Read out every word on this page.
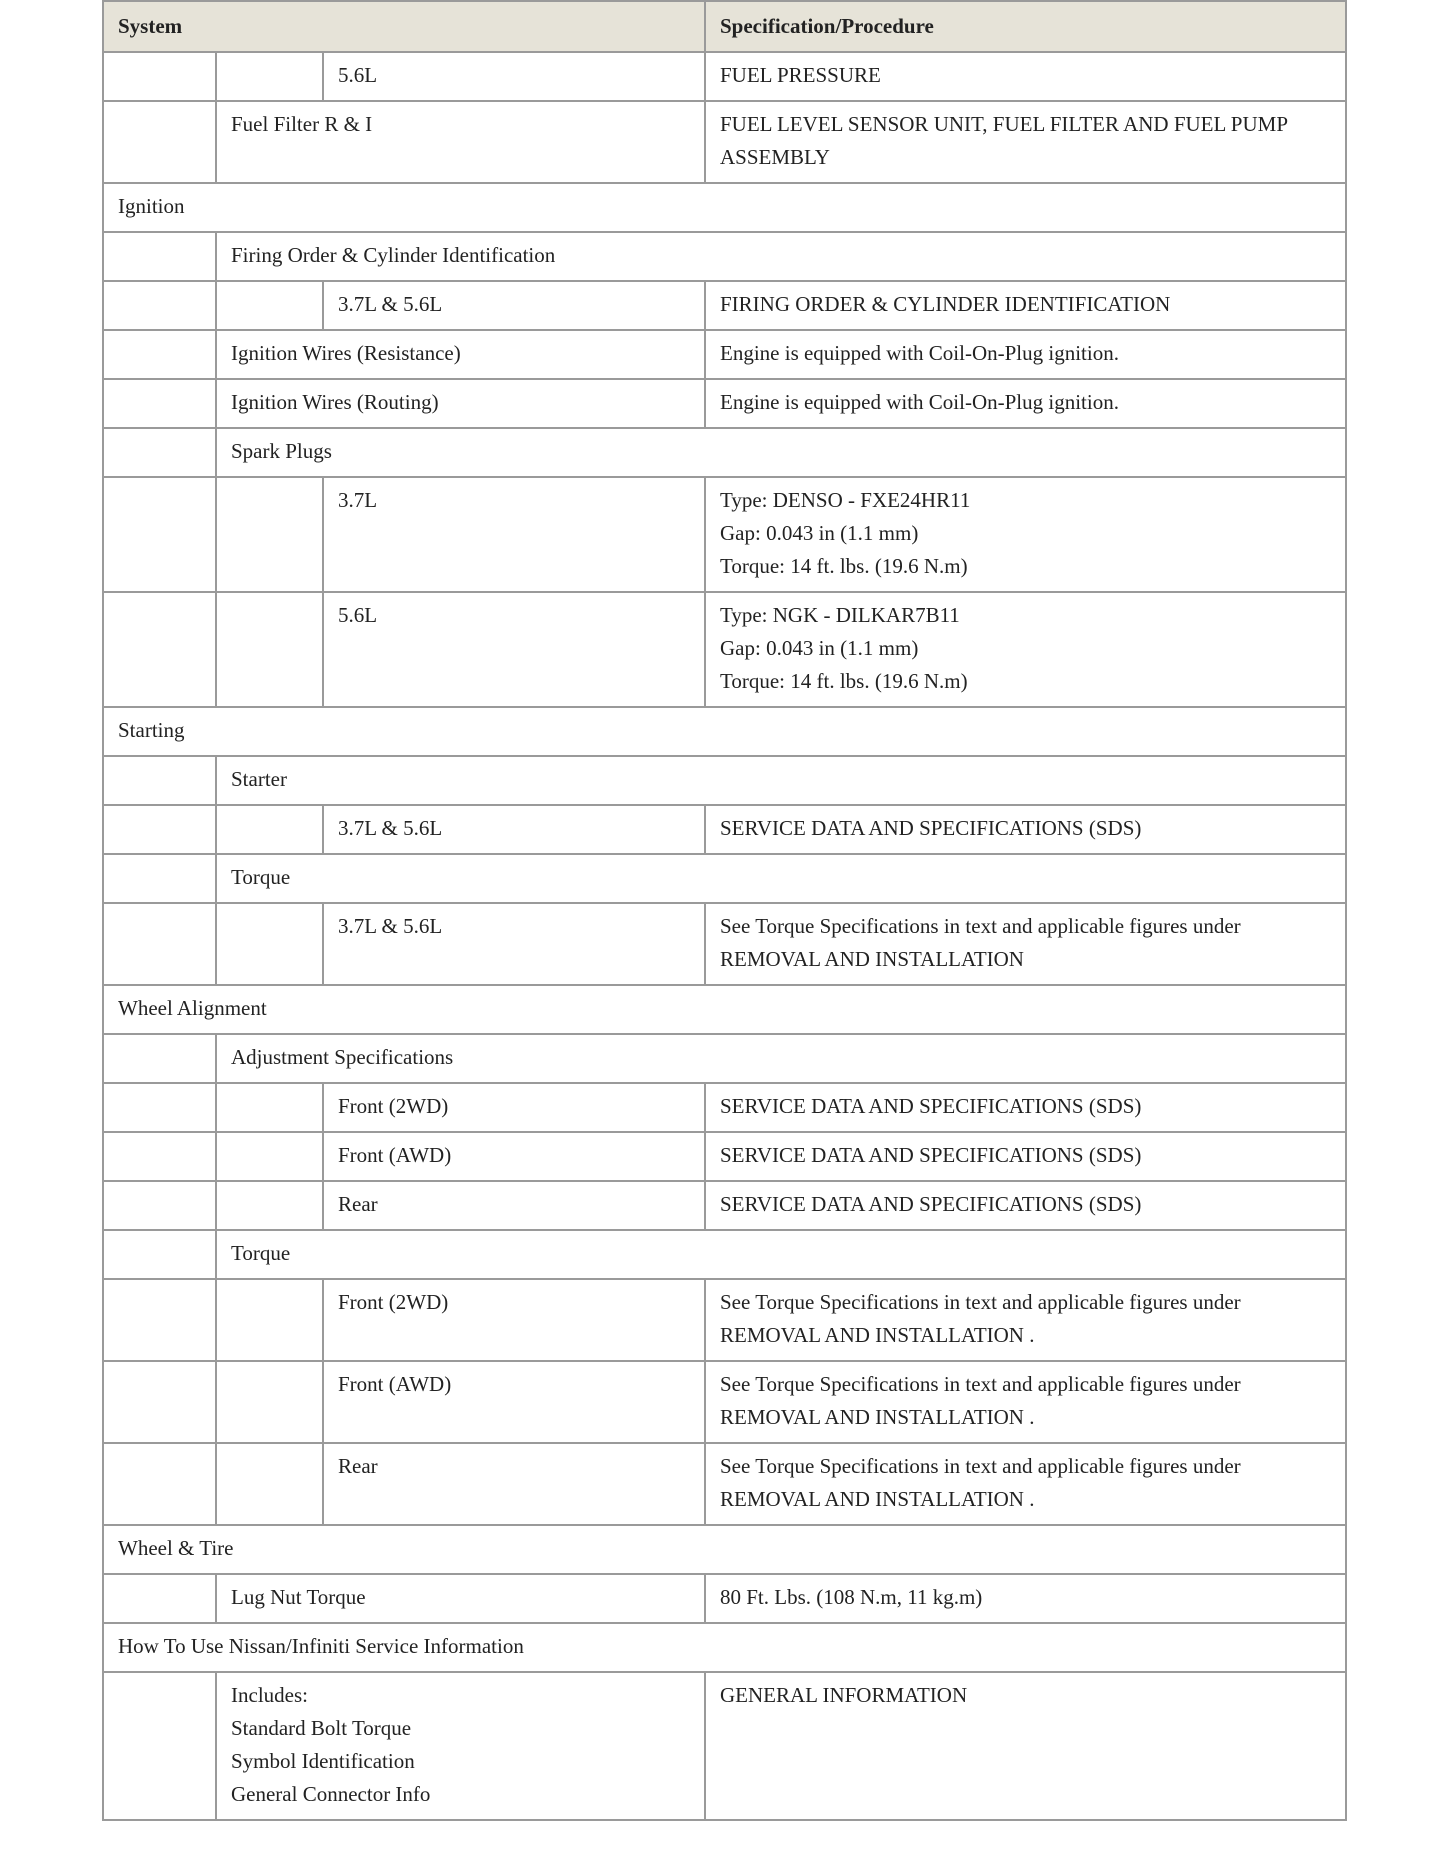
System			Specification/Procedure
		5.6L	FUEL PRESSURE

	Fuel Filter R & I		FUEL LEVEL SENSOR UNIT, FUEL FILTER AND FUEL PUMP
ASSEMBLY

Ignition			
	Firing Order & Cylinder Identification		
		3.7L & 5.6L	FIRING ORDER & CYLINDER IDENTIFICATION

	Ignition Wires (Resistance)		Engine is equipped with Coil-On-Plug ignition.

	Ignition Wires (Routing)		Engine is equipped with Coil-On-Plug ignition.

	Spark Plugs		
		3.7L	Type: DENSO - FXE24HR11
Gap: 0.043 in (1.1 mm)
Torque: 14 ft. lbs. (19.6 N.m)

		5.6L	Type: NGK - DILKAR7B11
Gap: 0.043 in (1.1 mm)
Torque: 14 ft. lbs. (19.6 N.m)

Starting			
	Starter		
		3.7L & 5.6L	SERVICE DATA AND SPECIFICATIONS (SDS)

	Torque		
		3.7L & 5.6L	See Torque Specifications in text and applicable figures under
REMOVAL AND INSTALLATION

Wheel Alignment			
	Adjustment Specifications		
		Front (2WD)	SERVICE DATA AND SPECIFICATIONS (SDS)

		Front (AWD)	SERVICE DATA AND SPECIFICATIONS (SDS)

		Rear	SERVICE DATA AND SPECIFICATIONS (SDS)

	Torque		
		Front (2WD)	See Torque Specifications in text and applicable figures under
REMOVAL AND INSTALLATION .

		Front (AWD)	See Torque Specifications in text and applicable figures under
REMOVAL AND INSTALLATION .

		Rear	See Torque Specifications in text and applicable figures under
REMOVAL AND INSTALLATION .

Wheel & Tire			
	Lug Nut Torque		80 Ft. Lbs. (108 N.m, 11 kg.m)

How To Use Nissan/Infiniti Service Information			

	Includes:
Standard Bolt Torque
Symbol Identification
General Connector Info		GENERAL INFORMATION
